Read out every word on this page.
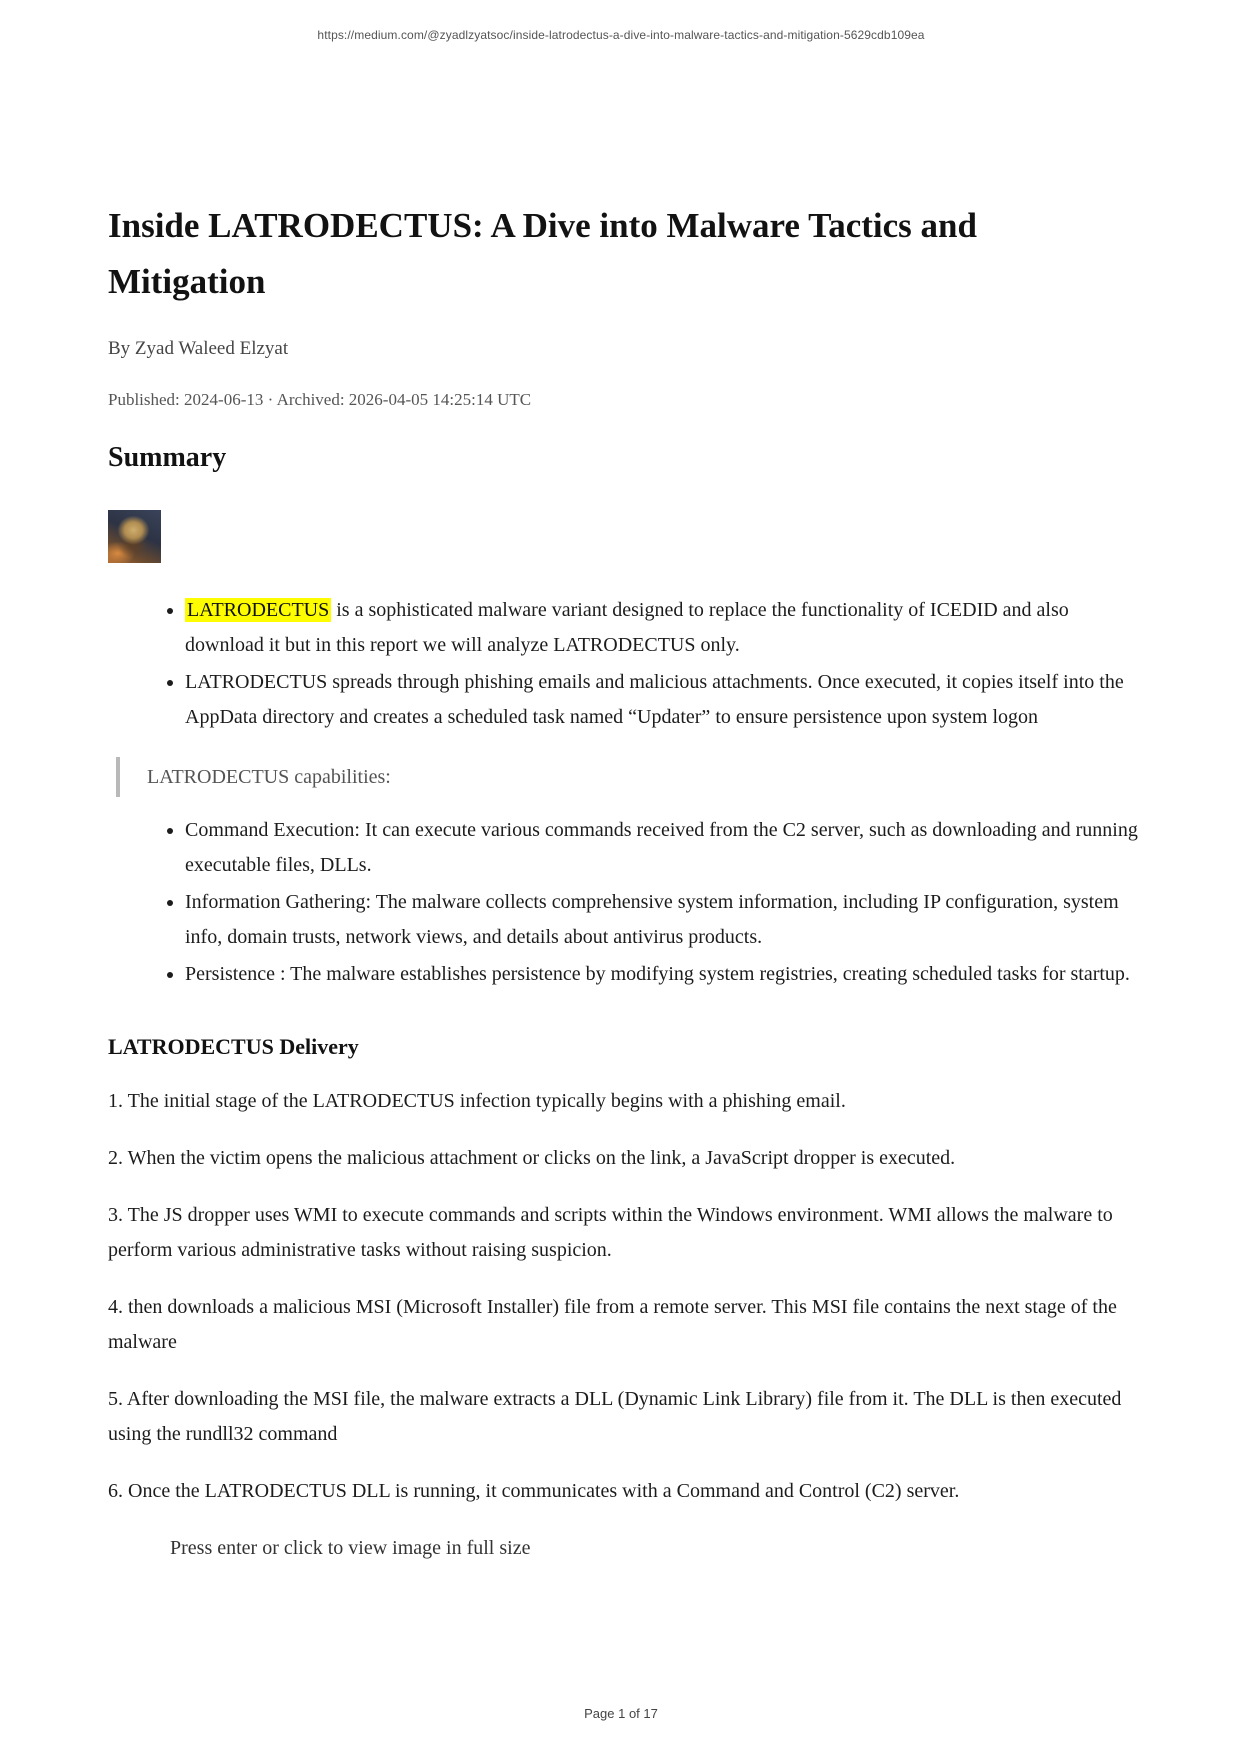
https://medium.com/@zyadlzyatsoc/inside-latrodectus-a-dive-into-malware-tactics-and-mitigation-5629cdb109ea
Inside LATRODECTUS: A Dive into Malware Tactics and Mitigation
By Zyad Waleed Elzyat
Published: 2024-06-13 · Archived: 2026-04-05 14:25:14 UTC
Summary
• LATRODECTUS is a sophisticated malware variant designed to replace the functionality of ICEDID and also download it but in this report we will analyze LATRODECTUS only.
• LATRODECTUS spreads through phishing emails and malicious attachments. Once executed, it copies itself into the AppData directory and creates a scheduled task named “Updater” to ensure persistence upon system logon
LATRODECTUS capabilities:
• Command Execution: It can execute various commands received from the C2 server, such as downloading and running executable files, DLLs.
• Information Gathering: The malware collects comprehensive system information, including IP configuration, system info, domain trusts, network views, and details about antivirus products.
• Persistence : The malware establishes persistence by modifying system registries, creating scheduled tasks for startup.
LATRODECTUS Delivery

1. The initial stage of the LATRODECTUS infection typically begins with a phishing email.

2. When the victim opens the malicious attachment or clicks on the link, a JavaScript dropper is executed.

3. The JS dropper uses WMI to execute commands and scripts within the Windows environment. WMI allows the malware to perform various administrative tasks without raising suspicion.

4. then downloads a malicious MSI (Microsoft Installer) file from a remote server. This MSI file contains the next stage of the malware

5. After downloading the MSI file, the malware extracts a DLL (Dynamic Link Library) file from it. The DLL is then executed using the rundll32 command

6. Once the LATRODECTUS DLL is running, it communicates with a Command and Control (C2) server.

Press enter or click to view image in full size

Page 1 of 17
